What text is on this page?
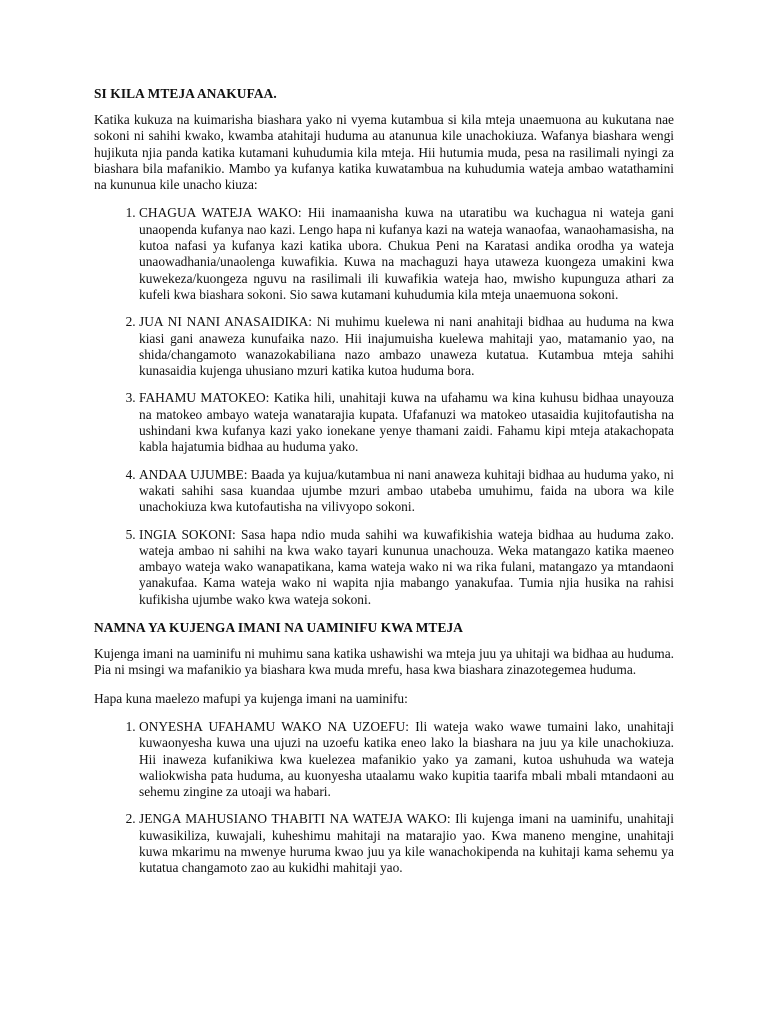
SI KILA MTEJA ANAKUFAA.

Katika kukuza na kuimarisha biashara yako ni vyema kutambua si kila mteja unaemuona au kukutana nae sokoni ni sahihi kwako, kwamba atahitaji huduma au atanunua kile unachokiuza. Wafanya biashara wengi hujikuta njia panda katika kutamani kuhudumia kila mteja. Hii hutumia muda, pesa na rasilimali nyingi za biashara bila mafanikio. Mambo ya kufanya katika kuwatambua na kuhudumia wateja ambao watathamini na kununua kile unacho kiuza:

1. CHAGUA WATEJA WAKO: Hii inamaanisha kuwa na utaratibu wa kuchagua ni wateja gani unaopenda kufanya nao kazi. Lengo hapa ni kufanya kazi na wateja wanaofaa, wanaohamasisha, na kutoa nafasi ya kufanya kazi katika ubora. Chukua Peni na Karatasi andika orodha ya wateja unaowadhania/unaolenga kuwafikia. Kuwa na machaguzi haya utaweza kuongeza umakini kwa kuwekeza/kuongeza nguvu na rasilimali ili kuwafikia wateja hao, mwisho kupunguza athari za kufeli kwa biashara sokoni. Sio sawa kutamani kuhudumia kila mteja unaemuona sokoni.
2. JUA NI NANI ANASAIDIKA: Ni muhimu kuelewa ni nani anahitaji bidhaa au huduma na kwa kiasi gani anaweza kunufaika nazo. Hii inajumuisha kuelewa mahitaji yao, matamanio yao, na shida/changamoto wanazokabiliana nazo ambazo unaweza kutatua. Kutambua mteja sahihi kunasaidia kujenga uhusiano mzuri katika kutoa huduma bora.
3. FAHAMU MATOKEO: Katika hili, unahitaji kuwa na ufahamu wa kina kuhusu bidhaa unayouza na matokeo ambayo wateja wanatarajia kupata. Ufafanuzi wa matokeo utasaidia kujitofautisha na ushindani kwa kufanya kazi yako ionekane yenye thamani zaidi. Fahamu kipi mteja atakachopata kabla hajatumia bidhaa au huduma yako.
4. ANDAA UJUMBE: Baada ya kujua/kutambua ni nani anaweza kuhitaji bidhaa au huduma yako, ni wakati sahihi sasa kuandaa ujumbe mzuri ambao utabeba umuhimu, faida na ubora wa kile unachokiuza kwa kutofautisha na vilivyopo sokoni.
5. INGIA SOKONI: Sasa hapa ndio muda sahihi wa kuwafikishia wateja bidhaa au huduma zako. wateja ambao ni sahihi na kwa wako tayari kununua unachouza. Weka matangazo katika maeneo ambayo wateja wako wanapatikana, kama wateja wako ni wa rika fulani, matangazo ya mtandaoni yanakufaa. Kama wateja wako ni wapita njia mabango yanakufaa. Tumia njia husika na rahisi kufikisha ujumbe wako kwa wateja sokoni.
NAMNA YA KUJENGA IMANI NA UAMINIFU KWA MTEJA

Kujenga imani na uaminifu ni muhimu sana katika ushawishi wa mteja juu ya uhitaji wa bidhaa au huduma. Pia ni msingi wa mafanikio ya biashara kwa muda mrefu, hasa kwa biashara zinazotegemea huduma.

Hapa kuna maelezo mafupi ya kujenga imani na uaminifu:

1. ONYESHA UFAHAMU WAKO NA UZOEFU: Ili wateja wako wawe tumaini lako, unahitaji kuwaonyesha kuwa una ujuzi na uzoefu katika eneo lako la biashara na juu ya kile unachokiuza. Hii inaweza kufanikiwa kwa kuelezea mafanikio yako ya zamani, kutoa ushuhuda wa wateja waliokwisha pata huduma, au kuonyesha utaalamu wako kupitia taarifa mbali mbali mtandaoni au sehemu zingine za utoaji wa habari.
2. JENGA MAHUSIANO THABITI NA WATEJA WAKO: Ili kujenga imani na uaminifu, unahitaji kuwasikiliza, kuwajali, kuheshimu mahitaji na matarajio yao. Kwa maneno mengine, unahitaji kuwa mkarimu na mwenye huruma kwao juu ya kile wanachokipenda na kuhitaji kama sehemu ya kutatua changamoto zao au kukidhi mahitaji yao.
